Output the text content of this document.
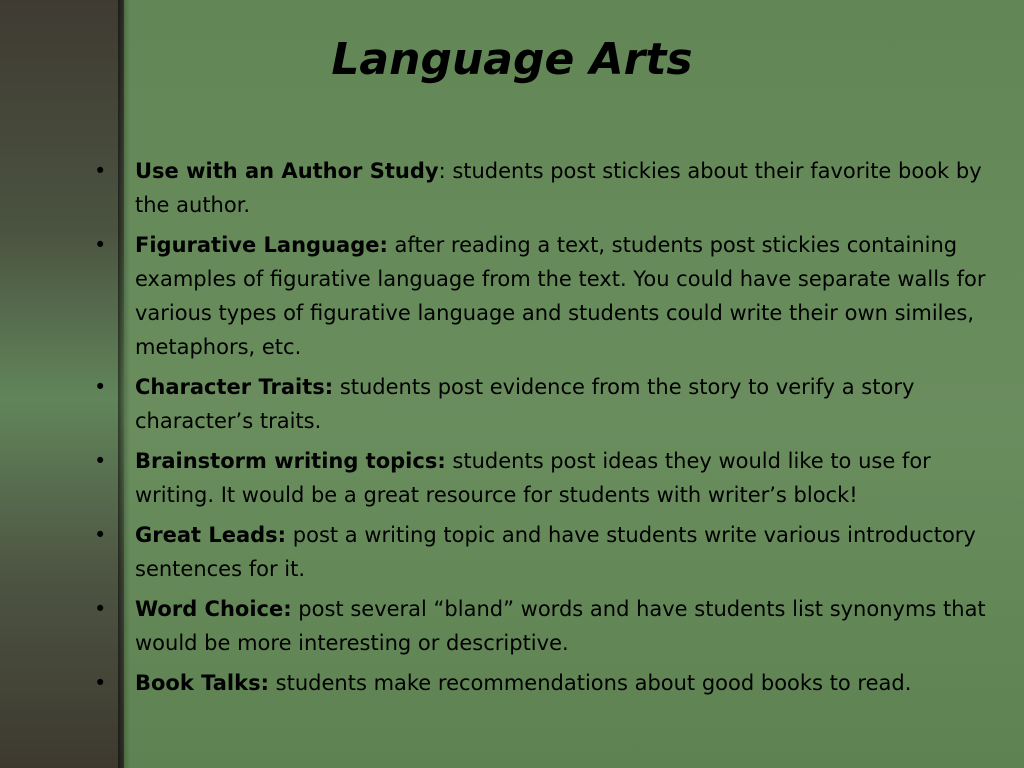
Language Arts
•	Use with an Author Study: students post stickies about their favorite book by the author.
•	Figurative Language: after reading a text, students post stickies containing examples of figurative language from the text. You could have separate walls for various types of figurative language and students could write their own similes, metaphors, etc.
•	Character Traits: students post evidence from the story to verify a story character’s traits.
•	Brainstorm writing topics: students post ideas they would like to use for writing. It would be a great resource for students with writer’s block!
•	Great Leads: post a writing topic and have students write various introductory sentences for it.
•	Word Choice: post several “bland” words and have students list synonyms that would be more interesting or descriptive.
•	Book Talks: students make recommendations about good books to read.
